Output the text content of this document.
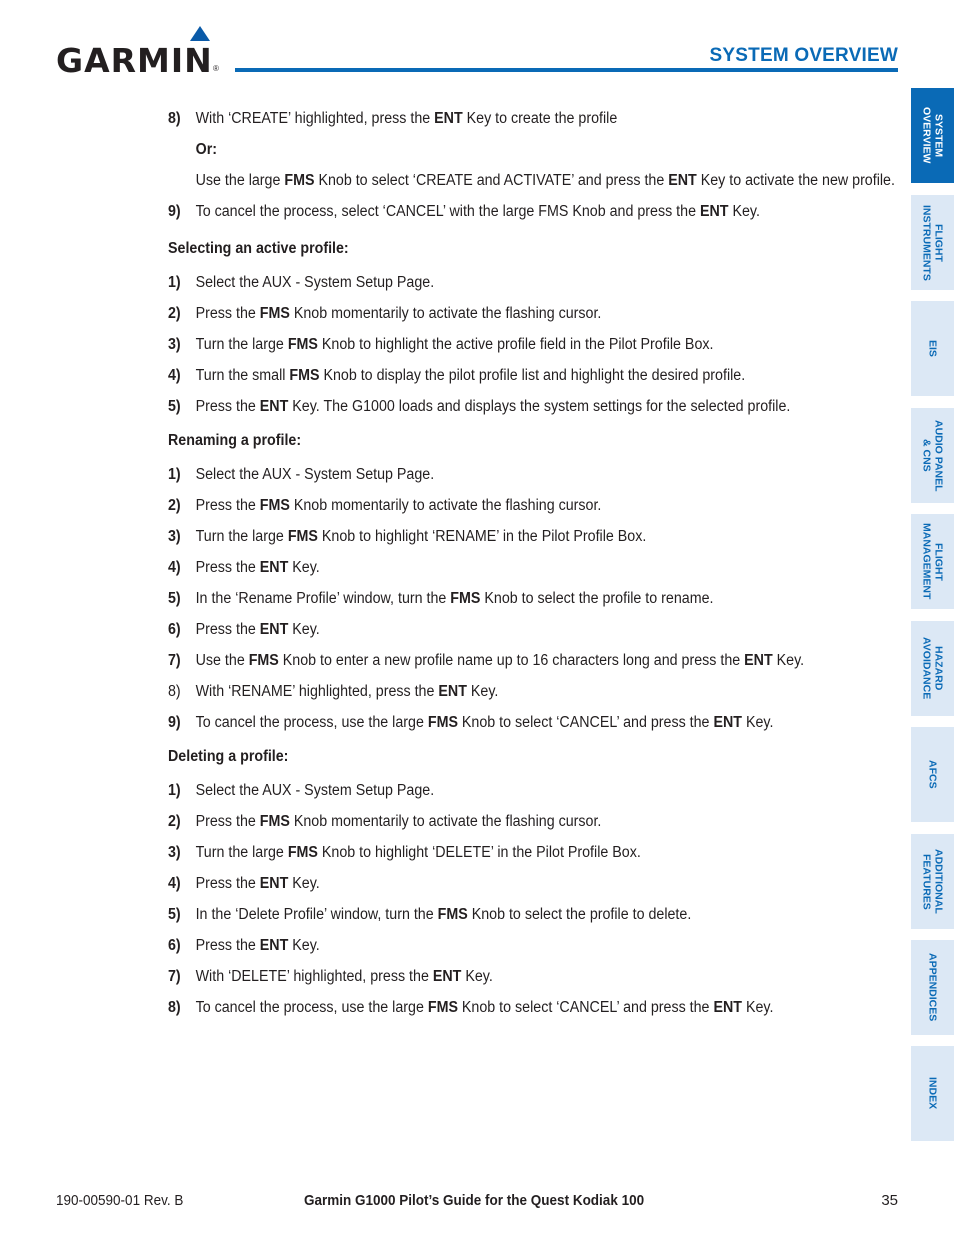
GARMIN ®
SYSTEM OVERVIEW
8) With ‘CREATE’ highlighted, press the ENT Key to create the profile
Or:
Use the large FMS Knob to select ‘CREATE and ACTIVATE’ and press the ENT Key to activate the new profile.
9) To cancel the process, select ‘CANCEL’ with the large FMS Knob and press the ENT Key.
Selecting an active profile:
1) Select the AUX - System Setup Page.
2) Press the FMS Knob momentarily to activate the flashing cursor.
3) Turn the large FMS Knob to highlight the active profile field in the Pilot Profile Box.
4) Turn the small FMS Knob to display the pilot profile list and highlight the desired profile.
5) Press the ENT Key. The G1000 loads and displays the system settings for the selected profile.
Renaming a profile:
1) Select the AUX - System Setup Page.
2) Press the FMS Knob momentarily to activate the flashing cursor.
3) Turn the large FMS Knob to highlight ‘RENAME’ in the Pilot Profile Box.
4) Press the ENT Key.
5) In the ‘Rename Profile’ window, turn the FMS Knob to select the profile to rename.
6) Press the ENT Key.
7) Use the FMS Knob to enter a new profile name up to 16 characters long and press the ENT Key.
8) With ‘RENAME’ highlighted, press the ENT Key.
9) To cancel the process, use the large FMS Knob to select ‘CANCEL’ and press the ENT Key.
Deleting a profile:
1) Select the AUX - System Setup Page.
2) Press the FMS Knob momentarily to activate the flashing cursor.
3) Turn the large FMS Knob to highlight ‘DELETE’ in the Pilot Profile Box.
4) Press the ENT Key.
5) In the ‘Delete Profile’ window, turn the FMS Knob to select the profile to delete.
6) Press the ENT Key.
7) With ‘DELETE’ highlighted, press the ENT Key.
8) To cancel the process, use the large FMS Knob to select ‘CANCEL’ and press the ENT Key.
SYSTEM
OVERVIEW
FLIGHT
INSTRUMENTS
EIS
AUDIO PANEL
& CNS
FLIGHT
MANAGEMENT
HAZARD
AVOIDANCE
AFCS
ADDITIONAL
FEATURES
APPENDICES
INDEX
190-00590-01 Rev. B	Garmin G1000 Pilot’s Guide for the Quest Kodiak 100	35
